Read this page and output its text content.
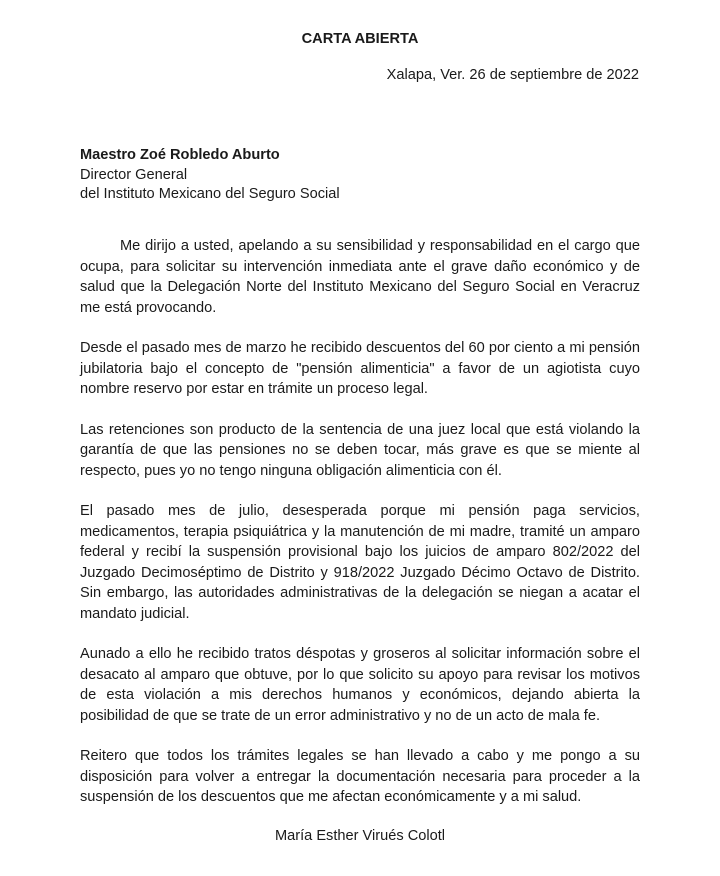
CARTA ABIERTA
Xalapa, Ver. 26 de septiembre de 2022
Maestro Zoé Robledo Aburto
Director General
del Instituto Mexicano del Seguro Social

Me dirijo a usted, apelando a su sensibilidad y responsabilidad en el cargo que ocupa, para solicitar su intervención inmediata ante el grave daño económico y de salud que la Delegación Norte del Instituto Mexicano del Seguro Social en Veracruz me está provocando.

Desde el pasado mes de marzo he recibido descuentos del 60 por ciento a mi pensión jubilatoria bajo el concepto de "pensión alimenticia" a favor de un agiotista cuyo nombre reservo por estar en trámite un proceso legal.

Las retenciones son producto de la sentencia de una juez local que está violando la garantía de que las pensiones no se deben tocar, más grave es que se miente al respecto, pues yo no tengo ninguna obligación alimenticia con él.

El pasado mes de julio, desesperada porque mi pensión paga servicios, medicamentos, terapia psiquiátrica y la manutención de mi madre, tramité un amparo federal y recibí la suspensión provisional bajo los juicios de amparo 802/2022 del Juzgado Decimoséptimo de Distrito y 918/2022 Juzgado Décimo Octavo de Distrito. Sin embargo, las autoridades administrativas de la delegación se niegan a acatar el mandato judicial.

Aunado a ello he recibido tratos déspotas y groseros al solicitar información sobre el desacato al amparo que obtuve, por lo que solicito su apoyo para revisar los motivos de esta violación a mis derechos humanos y económicos, dejando abierta la posibilidad de que se trate de un error administrativo y no de un acto de mala fe.

Reitero que todos los trámites legales se han llevado a cabo y me pongo a su disposición para volver a entregar la documentación necesaria para proceder a la suspensión de los descuentos que me afectan económicamente y a mi salud.

María Esther Virués Colotl
